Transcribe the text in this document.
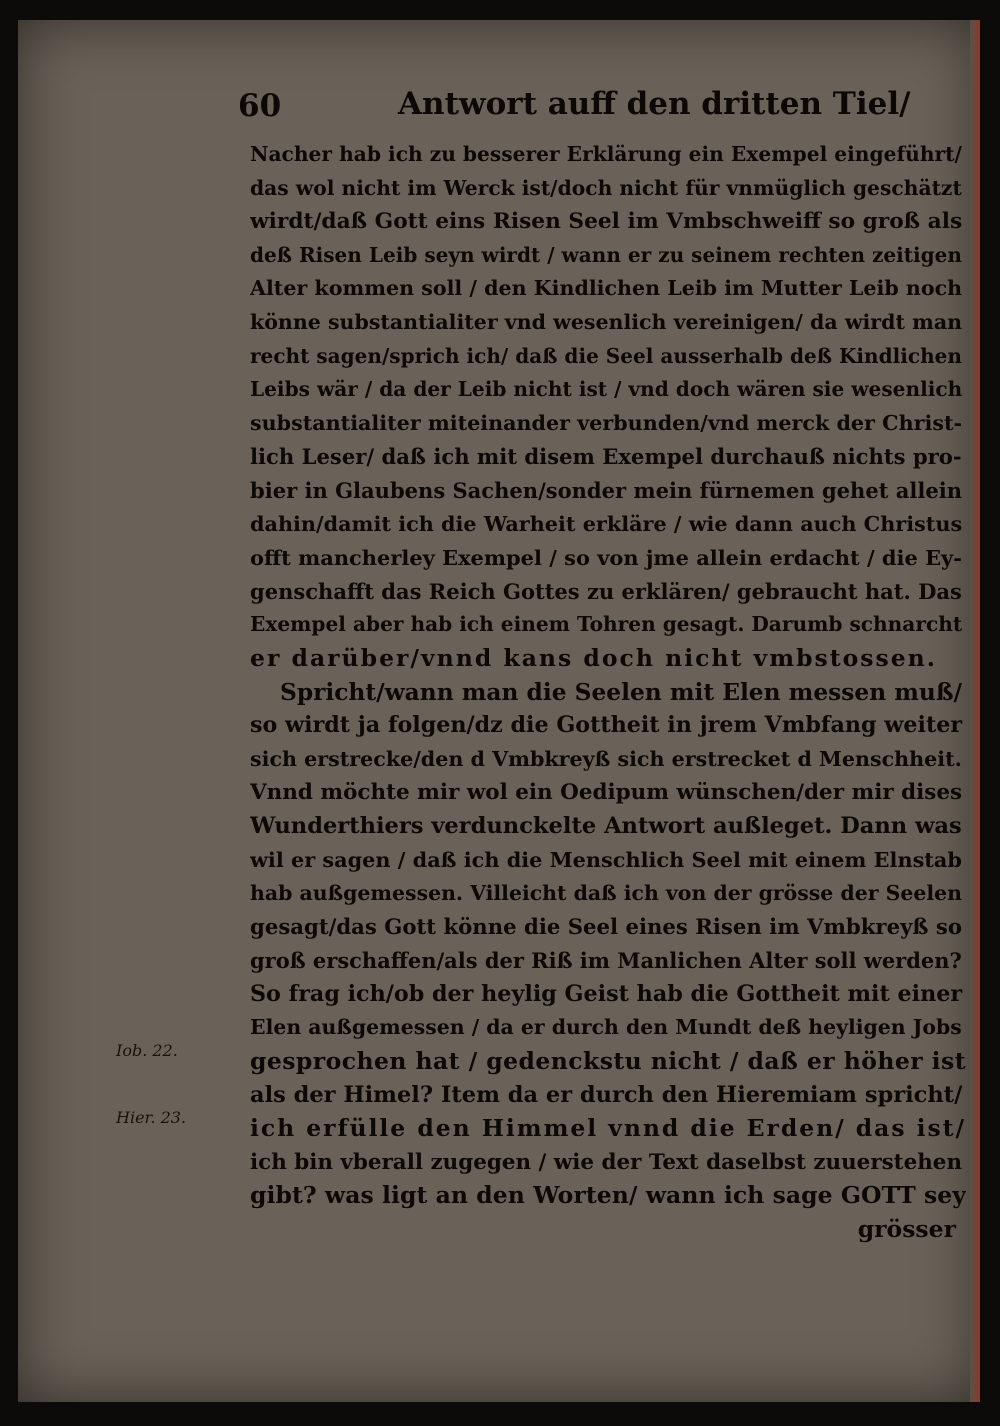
60	Antwort auff den dritten Tiel/
Iob. 22.
Hier. 23.
Nacher hab ich zu besserer Erklärung ein Exempel eingeführt/
das wol nicht im Werck ist/doch nicht für vnmüglich geschätzt
wirdt/daß Gott eins Risen Seel im Vmbschweiff so groß als
deß Risen Leib seyn wirdt / wann er zu seinem rechten zeitigen
Alter kommen soll / den Kindlichen Leib im Mutter Leib noch
könne substantialiter vnd wesenlich vereinigen/ da wirdt man
recht sagen/sprich ich/ daß die Seel ausserhalb deß Kindlichen
Leibs wär / da der Leib nicht ist / vnd doch wären sie wesenlich
substantialiter miteinander verbunden/vnd merck der Christ-
lich Leser/ daß ich mit disem Exempel durchauß nichts pro-
bier in Glaubens Sachen/sonder mein fürnemen gehet allein
dahin/damit ich die Warheit erkläre / wie dann auch Christus
offt mancherley Exempel / so von jme allein erdacht / die Ey-
genschafft das Reich Gottes zu erklären/ gebraucht hat. Das
Exempel aber hab ich einem Tohren gesagt. Darumb schnarcht
er darüber/vnnd kans doch nicht vmbstossen.
Spricht/wann man die Seelen mit Elen messen muß/
so wirdt ja folgen/dz die Gottheit in jrem Vmbfang weiter
sich erstrecke/den d Vmbkreyß sich erstrecket d Menschheit.
Vnnd möchte mir wol ein Oedipum wünschen/der mir dises
Wunderthiers verdunckelte Antwort außleget. Dann was
wil er sagen / daß ich die Menschlich Seel mit einem Elnstab
hab außgemessen. Villeicht daß ich von der grösse der Seelen
gesagt/das Gott könne die Seel eines Risen im Vmbkreyß so
groß erschaffen/als der Riß im Manlichen Alter soll werden?
So frag ich/ob der heylig Geist hab die Gottheit mit einer
Elen außgemessen / da er durch den Mundt deß heyligen Jobs
gesprochen hat / gedenckstu nicht / daß er höher ist
als der Himel? Item da er durch den Hieremiam spricht/
ich erfülle den Himmel vnnd die Erden/ das ist/
ich bin vberall zugegen / wie der Text daselbst zuuerstehen
gibt? was ligt an den Worten/ wann ich sage GOTT sey
grösser
